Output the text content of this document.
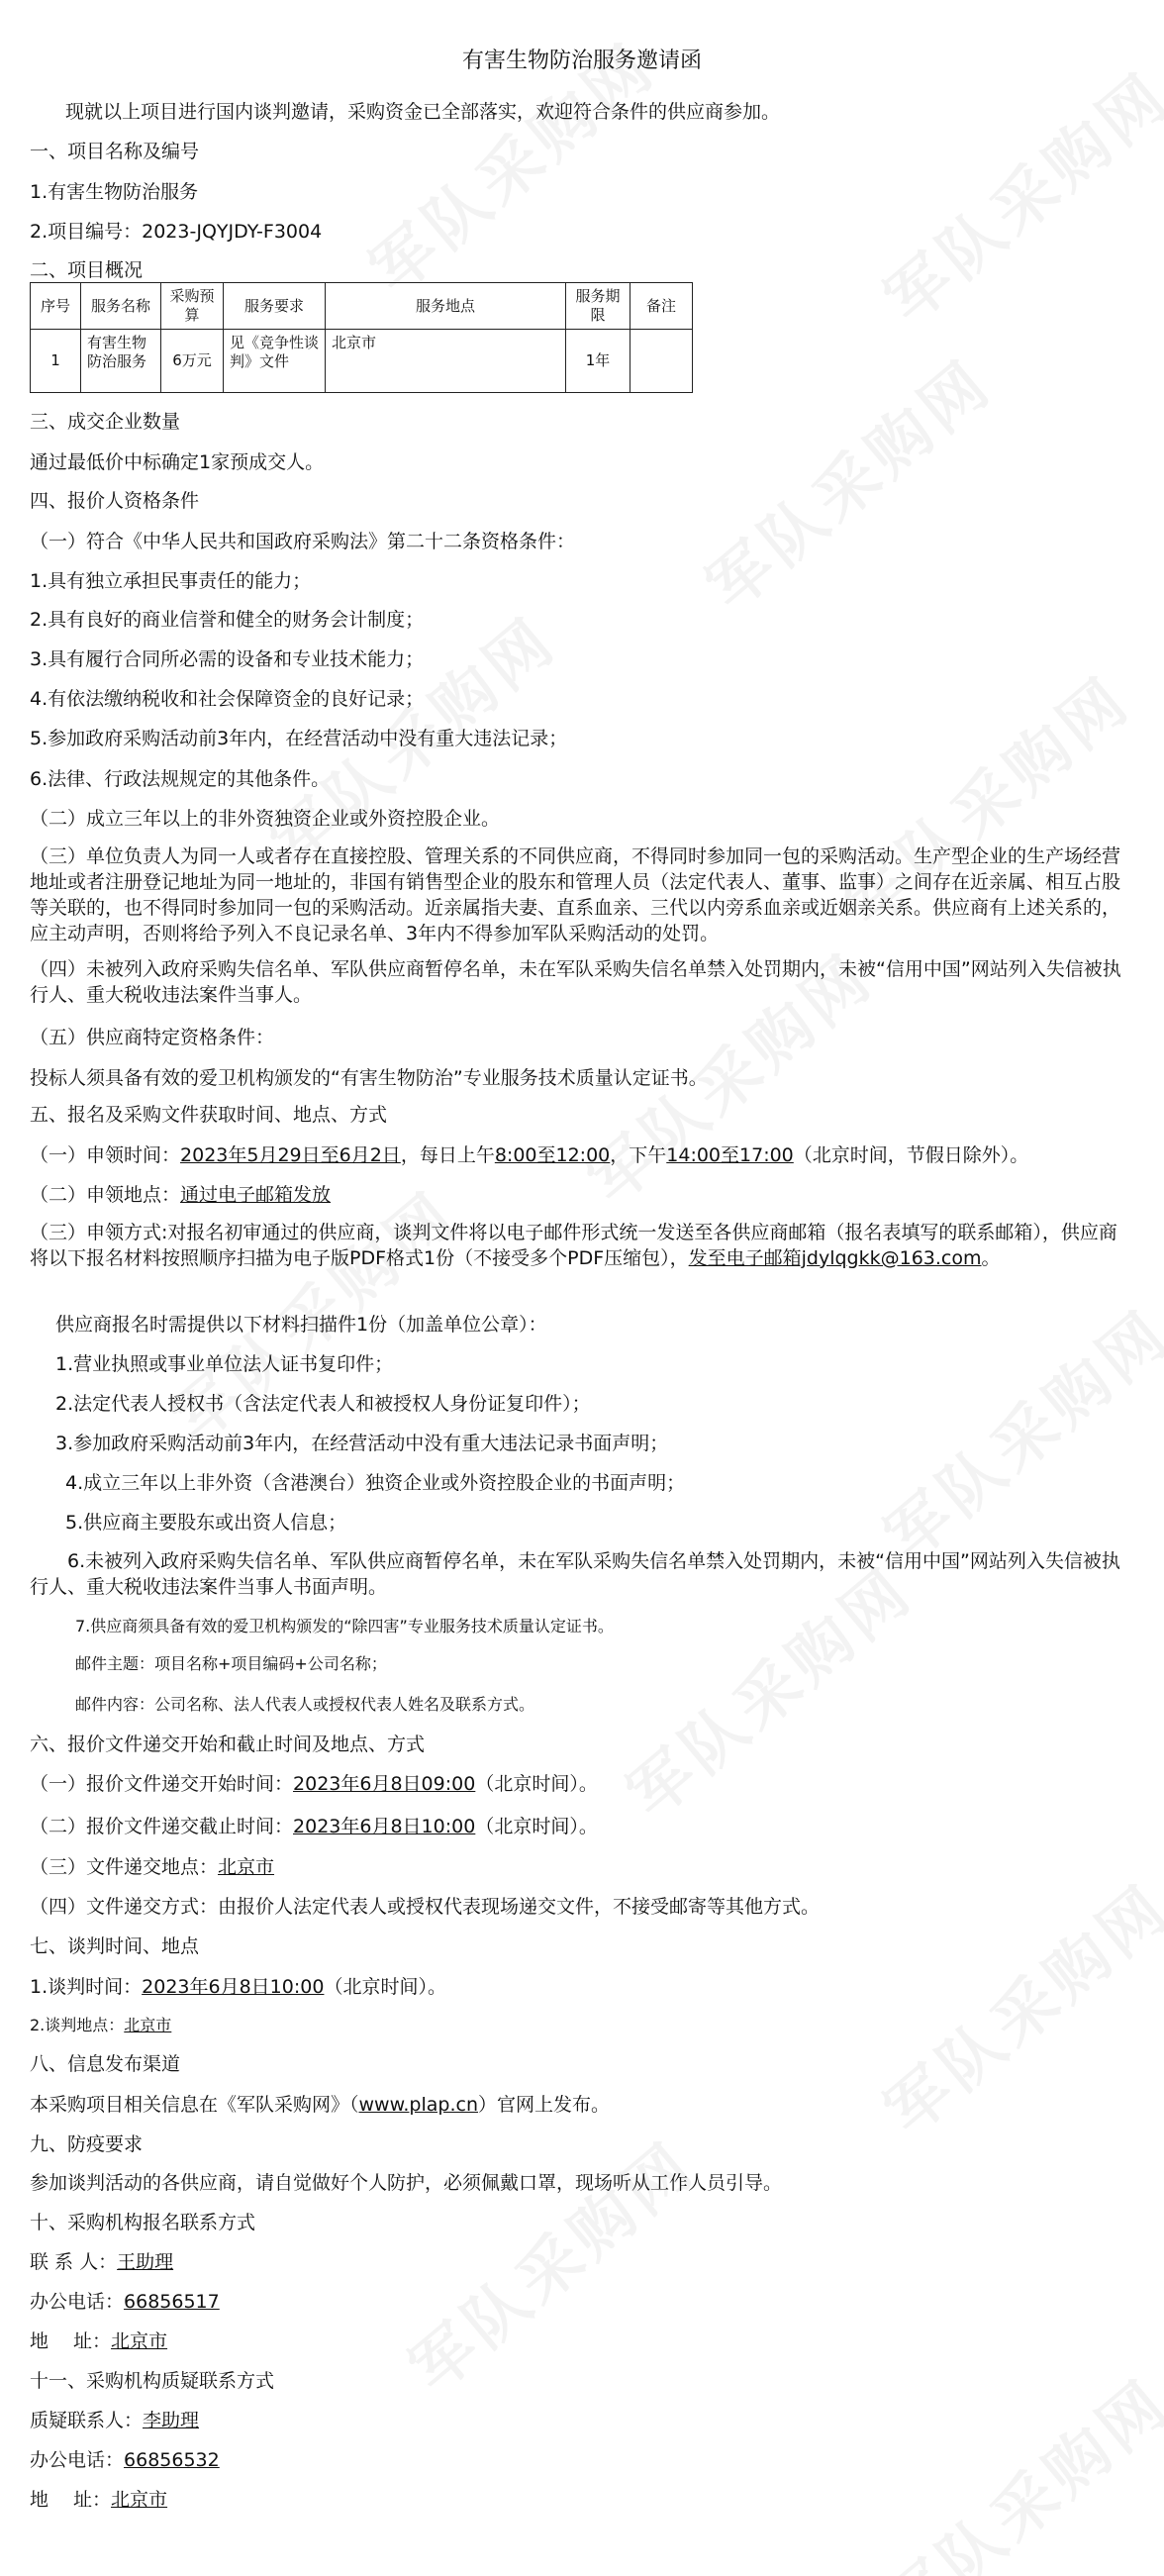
有害生物防治服务邀请函
现就以上项目进行国内谈判邀请，采购资金已全部落实，欢迎符合条件的供应商参加。
一、项目名称及编号
1.有害生物防治服务
2.项目编号：2023-JQYJDY-F3004
二、项目概况
序号	服务名称	采购预算	服务要求	服务地点	服务期限	备注
1	有害生物防治服务	6万元	见《竞争性谈判》文件	北京市	1年	
三、成交企业数量
通过最低价中标确定1家预成交人。
四、报价人资格条件
（一）符合《中华人民共和国政府采购法》第二十二条资格条件：
1.具有独立承担民事责任的能力；
2.具有良好的商业信誉和健全的财务会计制度；
3.具有履行合同所必需的设备和专业技术能力；
4.有依法缴纳税收和社会保障资金的良好记录；
5.参加政府采购活动前3年内，在经营活动中没有重大违法记录；
6.法律、行政法规规定的其他条件。
（二）成立三年以上的非外资独资企业或外资控股企业。
（三）单位负责人为同一人或者存在直接控股、管理关系的不同供应商，不得同时参加同一包的采购活动。生产型企业的生产场经营地址或者注册登记地址为同一地址的，非国有销售型企业的股东和管理人员（法定代表人、董事、监事）之间存在近亲属、相互占股等关联的，也不得同时参加同一包的采购活动。近亲属指夫妻、直系血亲、三代以内旁系血亲或近姻亲关系。供应商有上述关系的，应主动声明，否则将给予列入不良记录名单、3年内不得参加军队采购活动的处罚。
（四）未被列入政府采购失信名单、军队供应商暂停名单，未在军队采购失信名单禁入处罚期内，未被“信用中国”网站列入失信被执行人、重大税收违法案件当事人。
（五）供应商特定资格条件：
投标人须具备有效的爱卫机构颁发的“有害生物防治”专业服务技术质量认定证书。
五、报名及采购文件获取时间、地点、方式
（一）申领时间：2023年5月29日至6月2日，每日上午8:00至12:00，下午14:00至17:00（北京时间，节假日除外）。
（二）申领地点：通过电子邮箱发放
（三）申领方式:对报名初审通过的供应商，谈判文件将以电子邮件形式统一发送至各供应商邮箱（报名表填写的联系邮箱），供应商将以下报名材料按照顺序扫描为电子版PDF格式1份（不接受多个PDF压缩包），发至电子邮箱jdylqgkk@163.com。
供应商报名时需提供以下材料扫描件1份（加盖单位公章）：
1.营业执照或事业单位法人证书复印件；
2.法定代表人授权书（含法定代表人和被授权人身份证复印件）；
3.参加政府采购活动前3年内，在经营活动中没有重大违法记录书面声明；
4.成立三年以上非外资（含港澳台）独资企业或外资控股企业的书面声明；
5.供应商主要股东或出资人信息；
6.未被列入政府采购失信名单、军队供应商暂停名单，未在军队采购失信名单禁入处罚期内，未被“信用中国”网站列入失信被执行人、重大税收违法案件当事人书面声明。
7.供应商须具备有效的爱卫机构颁发的“除四害”专业服务技术质量认定证书。
邮件主题：项目名称+项目编码+公司名称；
邮件内容：公司名称、法人代表人或授权代表人姓名及联系方式。
六、报价文件递交开始和截止时间及地点、方式
（一）报价文件递交开始时间：2023年6月8日09:00（北京时间）。
（二）报价文件递交截止时间：2023年6月8日10:00（北京时间）。
（三）文件递交地点：北京市
（四）文件递交方式：由报价人法定代表人或授权代表现场递交文件，不接受邮寄等其他方式。
七、谈判时间、地点
1.谈判时间：2023年6月8日10:00（北京时间）。
2.谈判地点：北京市
八、信息发布渠道
本采购项目相关信息在《军队采购网》（www.plap.cn）官网上发布。
九、防疫要求
参加谈判活动的各供应商，请自觉做好个人防护，必须佩戴口罩，现场听从工作人员引导。
十、采购机构报名联系方式
联 系 人：王助理
办公电话：66856517
地　 址：北京市
十一、采购机构质疑联系方式
质疑联系人：李助理
办公电话：66856532
地　 址：北京市
